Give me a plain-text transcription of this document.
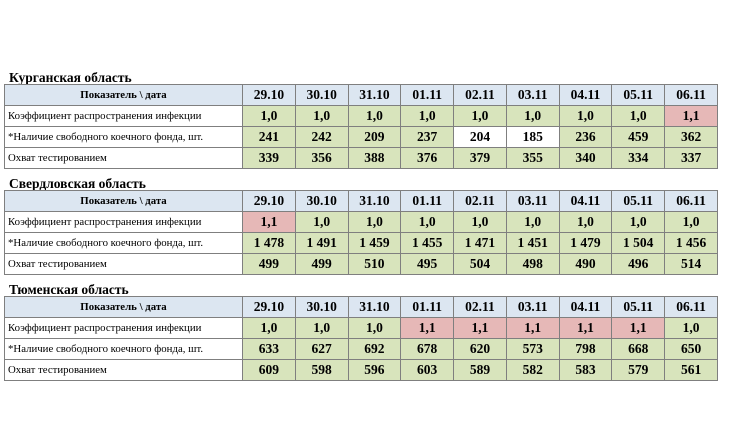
Курганская область
Показатель \ дата	29.10	30.10	31.10	01.11	02.11	03.11	04.11	05.11	06.11
Коэффициент распространения инфекции	1,0	1,0	1,0	1,0	1,0	1,0	1,0	1,0	1,1
*Наличие свободного коечного фонда, шт.	241	242	209	237	204	185	236	459	362
Охват тестированием	339	356	388	376	379	355	340	334	337
Свердловская область
Показатель \ дата	29.10	30.10	31.10	01.11	02.11	03.11	04.11	05.11	06.11
Коэффициент распространения инфекции	1,1	1,0	1,0	1,0	1,0	1,0	1,0	1,0	1,0
*Наличие свободного коечного фонда, шт.	1 478	1 491	1 459	1 455	1 471	1 451	1 479	1 504	1 456
Охват тестированием	499	499	510	495	504	498	490	496	514
Тюменская область
Показатель \ дата	29.10	30.10	31.10	01.11	02.11	03.11	04.11	05.11	06.11
Коэффициент распространения инфекции	1,0	1,0	1,0	1,1	1,1	1,1	1,1	1,1	1,0
*Наличие свободного коечного фонда, шт.	633	627	692	678	620	573	798	668	650
Охват тестированием	609	598	596	603	589	582	583	579	561
